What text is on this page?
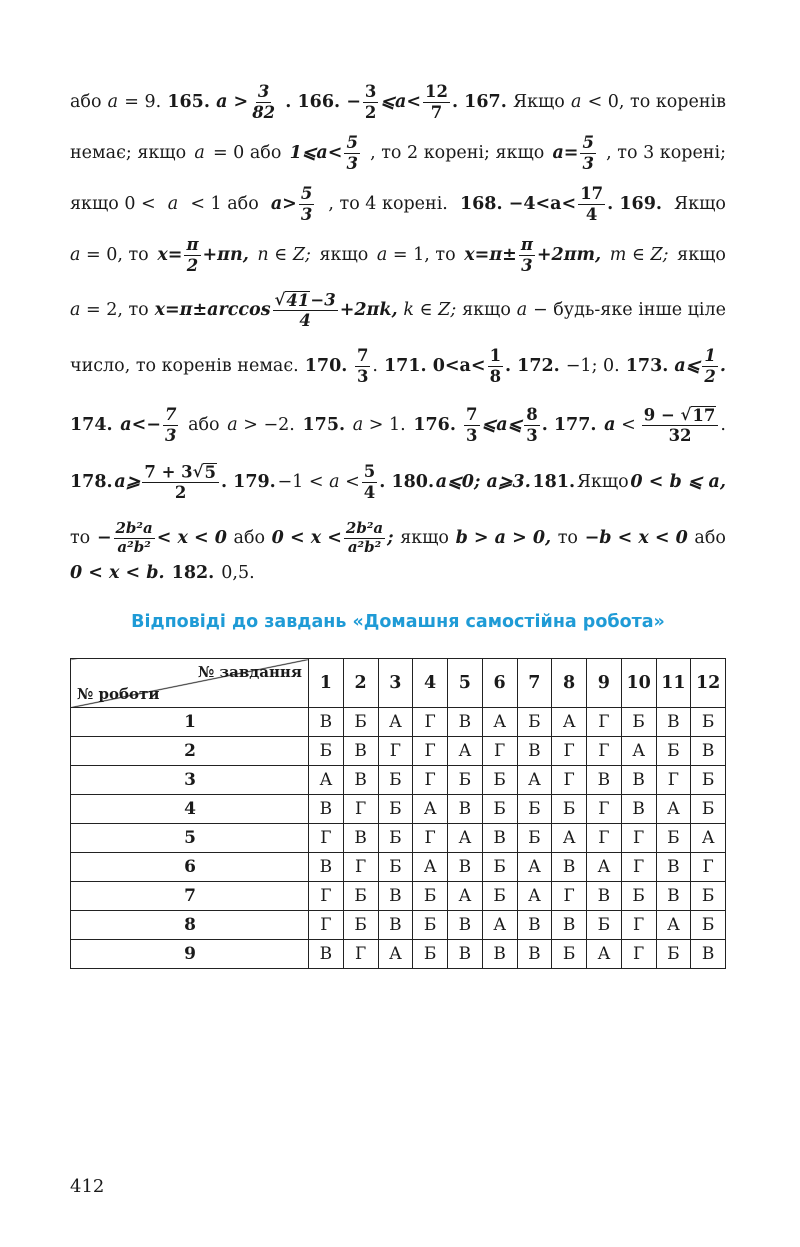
або a = 9. 165. $a > \frac{3}{82}$ . 166. − $\frac{3}{2}$ ⩽a< $\frac{12}{7}$ . 167. Якщо a < 0, то коренів
немає; якщо a = 0 або 1⩽a< $\frac{5}{3}$ , то 2 корені; якщо $a= \frac{5}{3}$ , то 3 корені;
якщо 0 < a < 1 або $a> \frac{5}{3}$ , то 4 корені. 168. $-4<a< \frac{17}{4}$ . 169. Якщо
a
= 0, то $x= \frac{\pi}{2} +\pi n$, n
∈
Z; якщо a
= 1, то $x=\pi\pm \frac{\pi}{3} +2\pi m$, m
∈
Z; якщо
a
= 2, то $x=\pi\pm\arccos \frac{√ 41 -3}{4} +2\pi k$, k
∈
Z; якщо a − будь-яке інше ціле
число, то коренів немає. 170.
$\frac{7}{3}$ . 171. $0<a< \frac{1}{8}$ . 172. −1; 0. 173. a⩽ $\frac{1}{2}$ .
174. $a<- \frac{7}{3}$ або a
> −2. 175. a
> 1. 176.
$\frac{7}{3}$ ⩽a⩽ $\frac{8}{3}$ . 177. a
< $\frac{9 - √ 17}{32}$ .
178. a⩾ $\frac{7 + 3√ 5}{2}$ . 179. −1 <
a
< $\frac{5}{4}$ . 180. a⩽0; a⩾3. 181. Якщо 0 < b ⩽ a,
то − $\frac{\text{2b²a}}{\text{a²b²}} < x < 0$ або $0 < x < \frac{\text{2b²a}}{\text{a²b²}}$ ; якщо b > a > 0, то −b < x < 0 або
0 < x < b. 182. 0,5.
Відповіді до завдань «Домашня самостійна робота»
№ завдання
№ роботи	1	2	3	4	5	6	7	8	9	10	11	12
1	В	Б	А	Г	В	А	Б	А	Г	Б	В	Б
2	Б	В	Г	Г	А	Г	В	Г	Г	А	Б	В
3	А	В	Б	Г	Б	Б	А	Г	В	В	Г	Б
4	В	Г	Б	А	В	Б	Б	Б	Г	В	А	Б
5	Г	В	Б	Г	А	В	Б	А	Г	Г	Б	А
6	В	Г	Б	А	В	Б	А	В	А	Г	В	Г
7	Г	Б	В	Б	А	Б	А	Г	В	Б	В	Б
8	Г	Б	В	Б	В	А	В	В	Б	Г	А	Б
9	В	Г	А	Б	В	В	В	Б	А	Г	Б	В
412
